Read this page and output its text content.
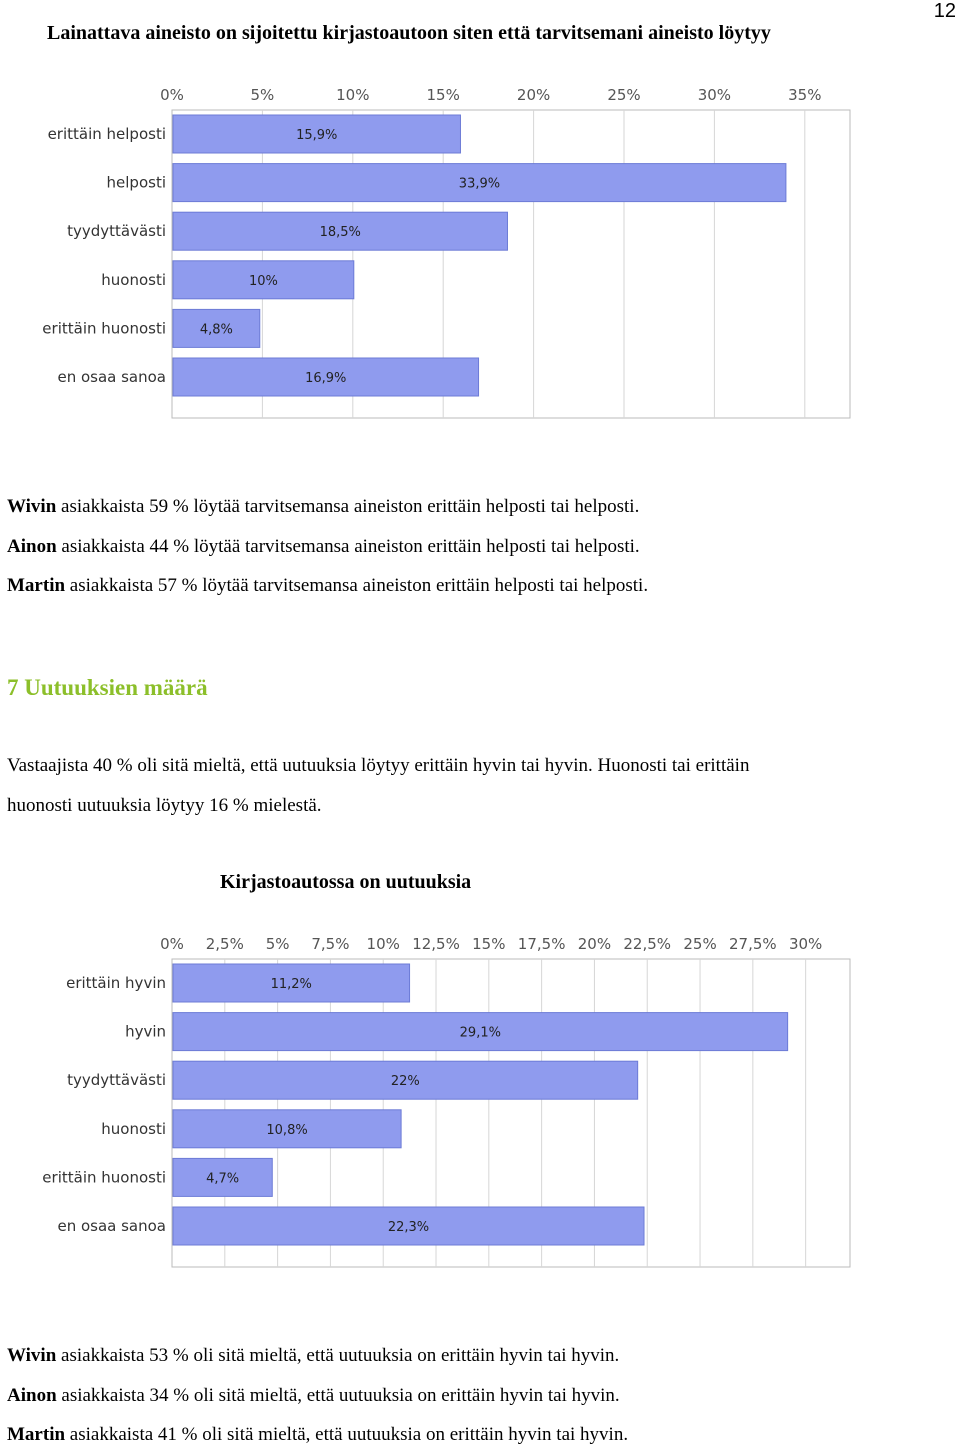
12
Lainattava aineisto on sijoitettu kirjastoautoon siten että tarvitsemani aineisto löytyy
0%	5%	10%	15%	20%	25%	30%	35%
erittäin helposti	15,9%
helposti	33,9%
tyydyttävästi	18,5%
huonosti	10%
erittäin huonosti	4,8%
en osaa sanoa	16,9%

Wivin asiakkaista 59 % löytää tarvitsemansa aineiston erittäin helposti tai helposti.

Ainon asiakkaista 44 % löytää tarvitsemansa aineiston erittäin helposti tai helposti.

Martin asiakkaista 57 % löytää tarvitsemansa aineiston erittäin helposti tai helposti.

7 Uutuuksien määrä

Vastaajista 40 % oli sitä mieltä, että uutuuksia löytyy erittäin hyvin tai hyvin. Huonosti tai erittäin

huonosti uutuuksia löytyy 16 % mielestä.

Kirjastoautossa on uutuuksia
0% 2,5% 5% 7,5% 10% 12,5% 15% 17,5% 20% 22,5% 25% 27,5% 30%
erittäin hyvin	11,2%
hyvin	29,1%
tyydyttävästi	22%
huonosti	10,8%
erittäin huonosti	4,7%
en osaa sanoa	22,3%

Wivin asiakkaista 53 % oli sitä mieltä, että uutuuksia on erittäin hyvin tai hyvin.

Ainon asiakkaista 34 % oli sitä mieltä, että uutuuksia on erittäin hyvin tai hyvin.

Martin asiakkaista 41 % oli sitä mieltä, että uutuuksia on erittäin hyvin tai hyvin.
